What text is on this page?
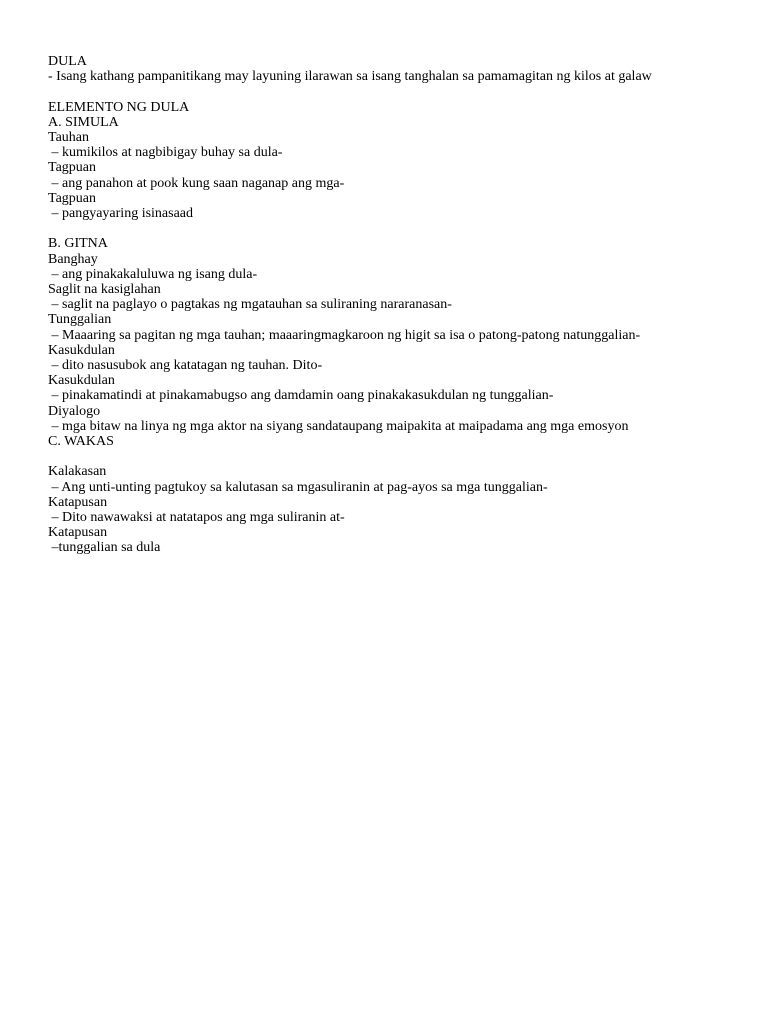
DULA
- Isang kathang pampanitikang may layuning ilarawan sa isang tanghalan sa pamamagitan ng kilos at galaw
ELEMENTO NG DULA
A. SIMULA
Tauhan
– kumikilos at nagbibigay buhay sa dula-
Tagpuan
– ang panahon at pook kung saan naganap ang mga-
Tagpuan
– pangyayaring isinasaad
B. GITNA
Banghay
– ang pinakakaluluwa ng isang dula-
Saglit na kasiglahan
– saglit na paglayo o pagtakas ng mgatauhan sa suliraning nararanasan-
Tunggalian
– Maaaring sa pagitan ng mga tauhan; maaaringmagkaroon ng higit sa isa o patong-patong natunggalian-
Kasukdulan
– dito nasusubok ang katatagan ng tauhan. Dito-
Kasukdulan
– pinakamatindi at pinakamabugso ang damdamin oang pinakakasukdulan ng tunggalian-
Diyalogo
– mga bitaw na linya ng mga aktor na siyang sandataupang maipakita at maipadama ang mga emosyon
C. WAKAS
Kalakasan
– Ang unti-unting pagtukoy sa kalutasan sa mgasuliranin at pag-ayos sa mga tunggalian-
Katapusan
– Dito nawawaksi at natatapos ang mga suliranin at-
Katapusan
–tunggalian sa dula
